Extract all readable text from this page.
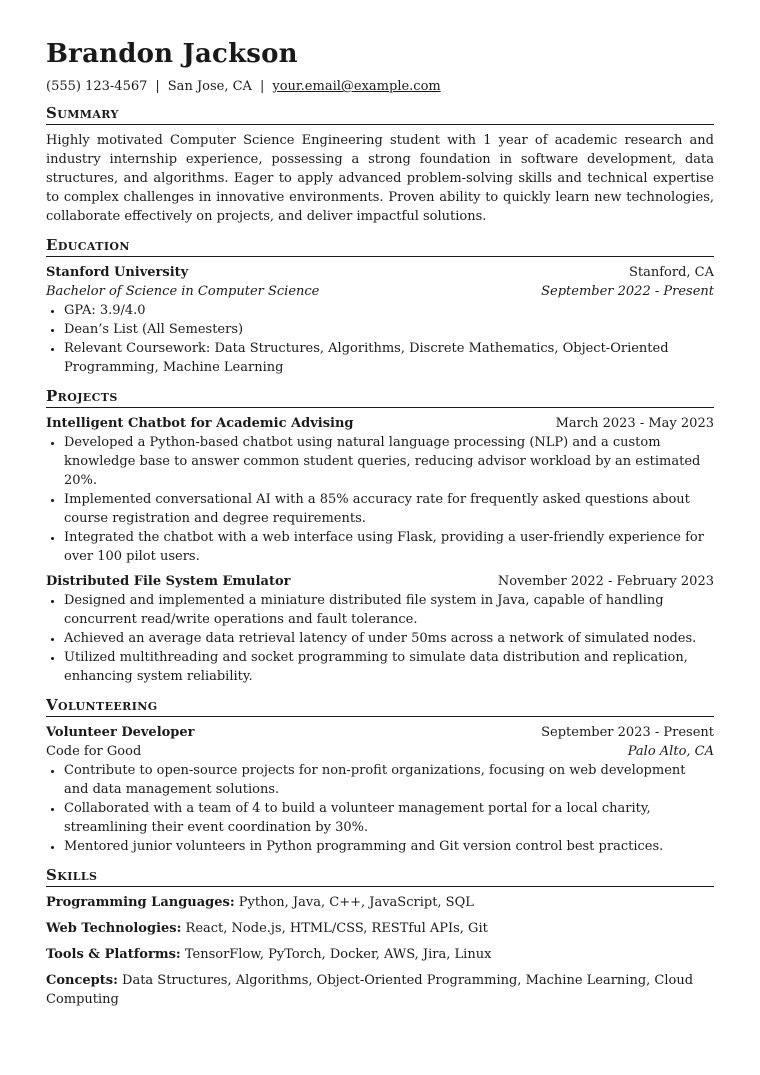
Brandon Jackson
(555) 123-4567 | San Jose, CA | your.email@example.com
Summary

Highly motivated Computer Science Engineering student with 1 year of academic research and industry internship experience, possessing a strong foundation in software development, data structures, and algorithms. Eager to apply advanced problem-solving skills and technical expertise to complex challenges in innovative environments. Proven ability to quickly learn new technologies, collaborate effectively on projects, and deliver impactful solutions.

Education
Stanford University	Stanford, CA
Bachelor of Science in Computer Science	September 2022 - Present
• GPA: 3.9/4.0
• Dean’s List (All Semesters)
• Relevant Coursework: Data Structures, Algorithms, Discrete Mathematics, Object-Oriented Programming, Machine Learning
Projects
Intelligent Chatbot for Academic Advising	March 2023 - May 2023
• Developed a Python-based chatbot using natural language processing (NLP) and a custom knowledge base to answer common student queries, reducing advisor workload by an estimated 20%.
• Implemented conversational AI with a 85% accuracy rate for frequently asked questions about course registration and degree requirements.
• Integrated the chatbot with a web interface using Flask, providing a user-friendly experience for over 100 pilot users.
Distributed File System Emulator	November 2022 - February 2023
• Designed and implemented a miniature distributed file system in Java, capable of handling concurrent read/write operations and fault tolerance.
• Achieved an average data retrieval latency of under 50ms across a network of simulated nodes.
• Utilized multithreading and socket programming to simulate data distribution and replication, enhancing system reliability.
Volunteering
Volunteer Developer	September 2023 - Present
Code for Good	Palo Alto, CA
• Contribute to open-source projects for non-profit organizations, focusing on web development and data management solutions.
• Collaborated with a team of 4 to build a volunteer management portal for a local charity, streamlining their event coordination by 30%.
• Mentored junior volunteers in Python programming and Git version control best practices.
Skills

Programming Languages: Python, Java, C++, JavaScript, SQL

Web Technologies: React, Node.js, HTML/CSS, RESTful APIs, Git

Tools & Platforms: TensorFlow, PyTorch, Docker, AWS, Jira, Linux

Concepts: Data Structures, Algorithms, Object-Oriented Programming, Machine Learning, Cloud Computing
